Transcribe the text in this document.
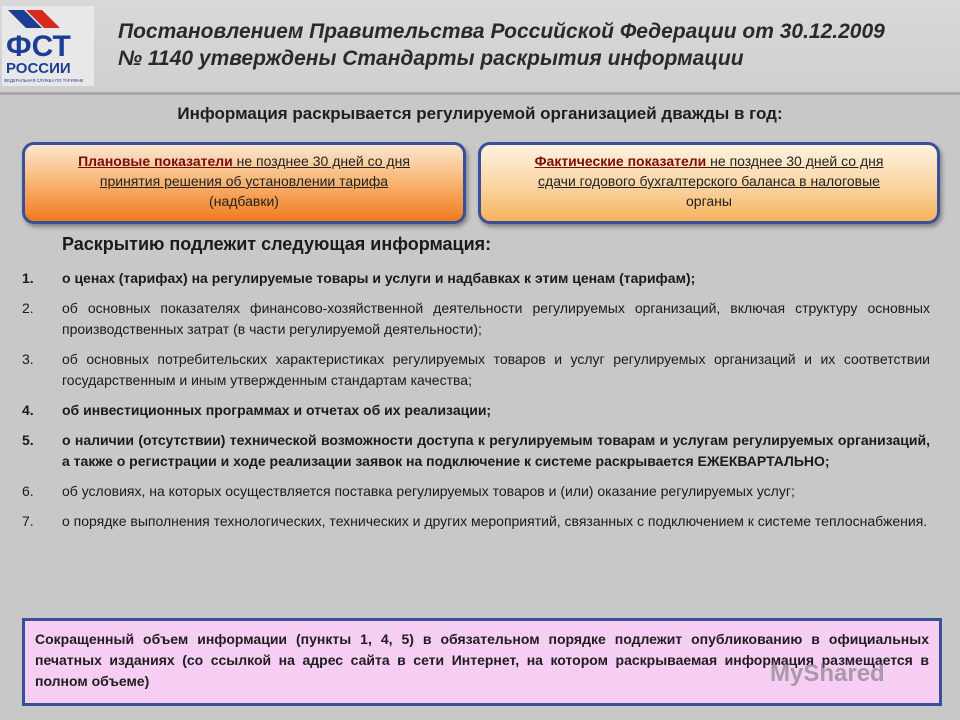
ФСТ
РОССИИ
ФЕДЕРАЛЬНАЯ СЛУЖБА ПО ТАРИФАМ
Постановлением Правительства Российской Федерации от 30.12.2009
№ 1140 утверждены Стандарты раскрытия информации
Информация раскрывается регулируемой организацией дважды в год:
Плановые показатели не позднее 30 дней со дня
принятия решения об установлении тарифа
(надбавки)
Фактические показатели не позднее 30 дней со дня
сдачи годового бухгалтерского баланса в налоговые
органы
Раскрытию подлежит следующая информация:
1. о ценах (тарифах) на регулируемые товары и услуги и надбавках к этим ценам (тарифам);
2. об основных показателях финансово-хозяйственной деятельности регулируемых организаций, включая структуру основных производственных затрат (в части регулируемой деятельности);
3. об основных потребительских характеристиках регулируемых товаров и услуг регулируемых организаций и их соответствии государственным и иным утвержденным стандартам качества;
4. об инвестиционных программах и отчетах об их реализации;
5. о наличии (отсутствии) технической возможности доступа к регулируемым товарам и услугам регулируемых организаций, а также о регистрации и ходе реализации заявок на подключение к системе раскрывается ЕЖЕКВАРТАЛЬНО;
6. об условиях, на которых осуществляется поставка регулируемых товаров и (или) оказание регулируемых услуг;
7. о порядке выполнения технологических, технических и других мероприятий, связанных с подключением к системе теплоснабжения.
Сокращенный объем информации (пункты 1, 4, 5) в обязательном порядке подлежит опубликованию в официальных печатных изданиях (со ссылкой на адрес сайта в сети Интернет, на котором раскрываемая информация размещается в полном объеме)	MyShared
